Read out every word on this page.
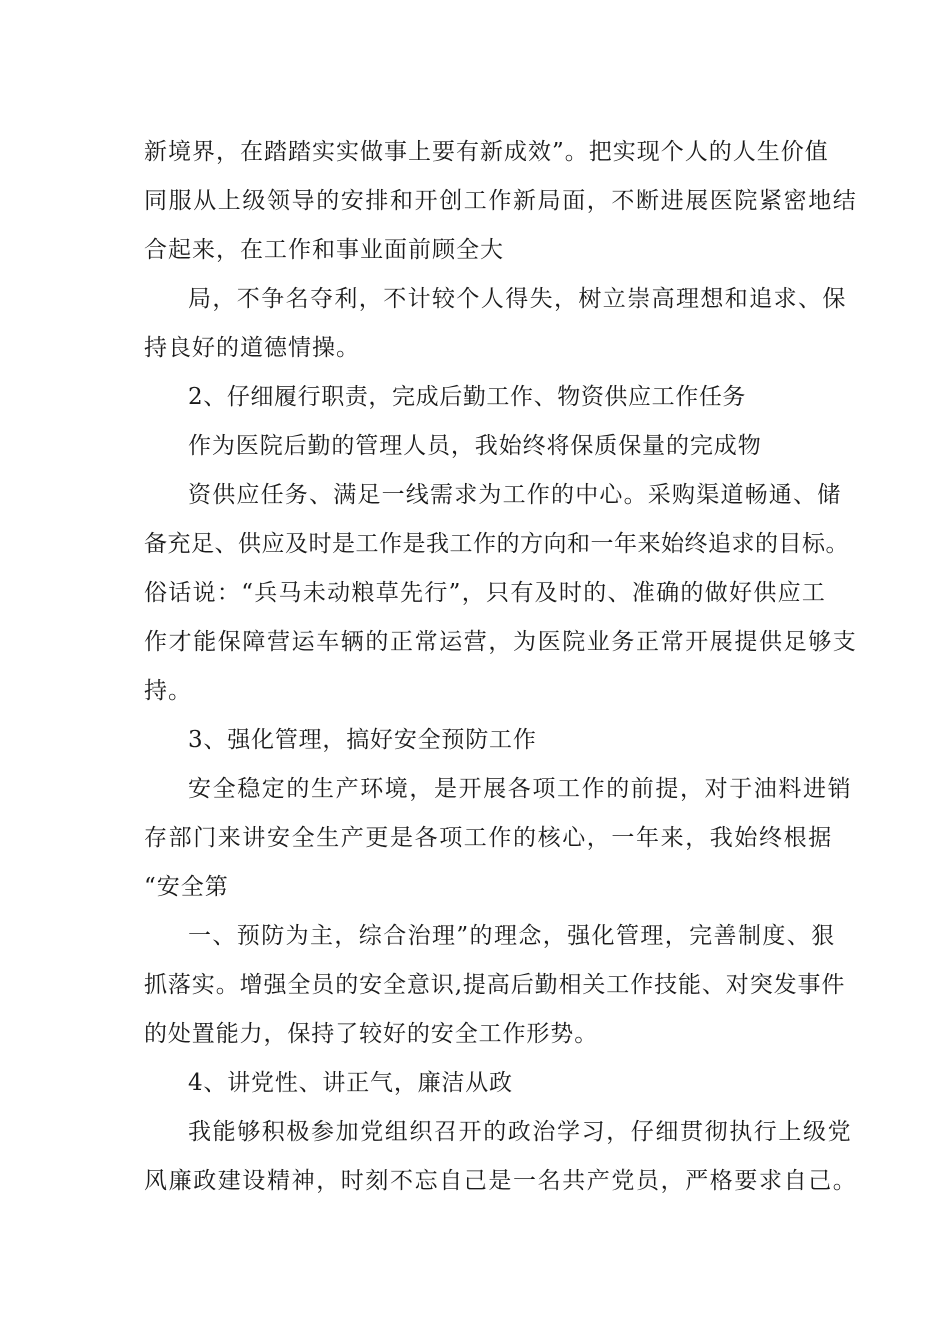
新境界，在踏踏实实做事上要有新成效”。把实现个人的人生价值
同服从上级领导的安排和开创工作新局面，不断进展医院紧密地结
合起来，在工作和事业面前顾全大
局，不争名夺利，不计较个人得失，树立崇高理想和追求、保
持良好的道德情操。
2、仔细履行职责，完成后勤工作、物资供应工作任务
作为医院后勤的管理人员，我始终将保质保量的完成物
资供应任务、满足一线需求为工作的中心。采购渠道畅通、储
备充足、供应及时是工作是我工作的方向和一年来始终追求的目标。
俗话说：“兵马未动粮草先行”，只有及时的、准确的做好供应工
作才能保障营运车辆的正常运营，为医院业务正常开展提供足够支
持。
3、强化管理，搞好安全预防工作
安全稳定的生产环境，是开展各项工作的前提，对于油料进销
存部门来讲安全生产更是各项工作的核心，一年来，我始终根据
“安全第
一、预防为主，综合治理”的理念，强化管理，完善制度、狠
抓落实。增强全员的安全意识,提高后勤相关工作技能、对突发事件
的处置能力，保持了较好的安全工作形势。
4、讲党性、讲正气，廉洁从政
我能够积极参加党组织召开的政治学习，仔细贯彻执行上级党
风廉政建设精神，时刻不忘自己是一名共产党员，严格要求自己。
